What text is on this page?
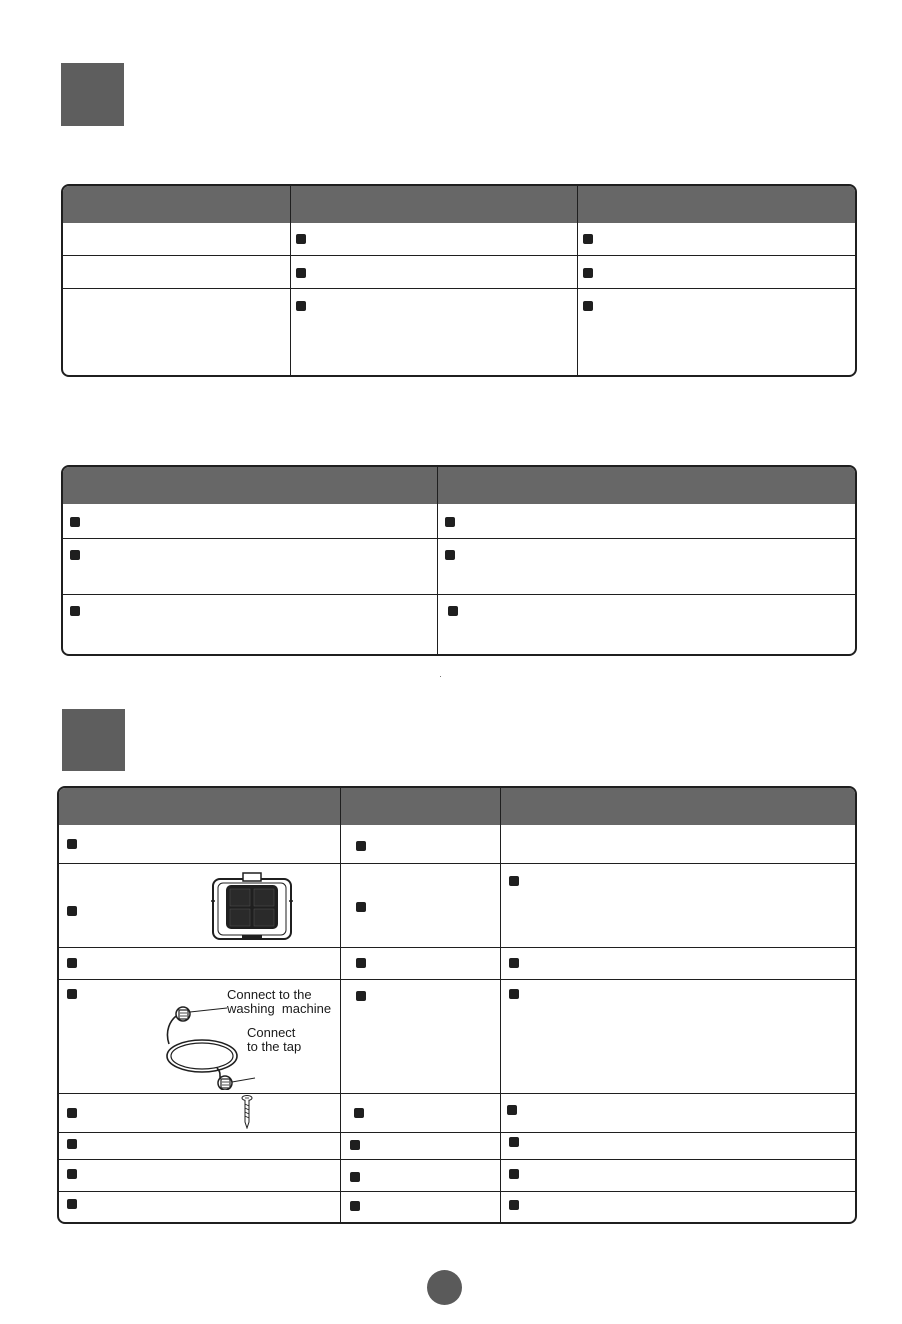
Connect to the
washing  machine
Connect
to the tap
